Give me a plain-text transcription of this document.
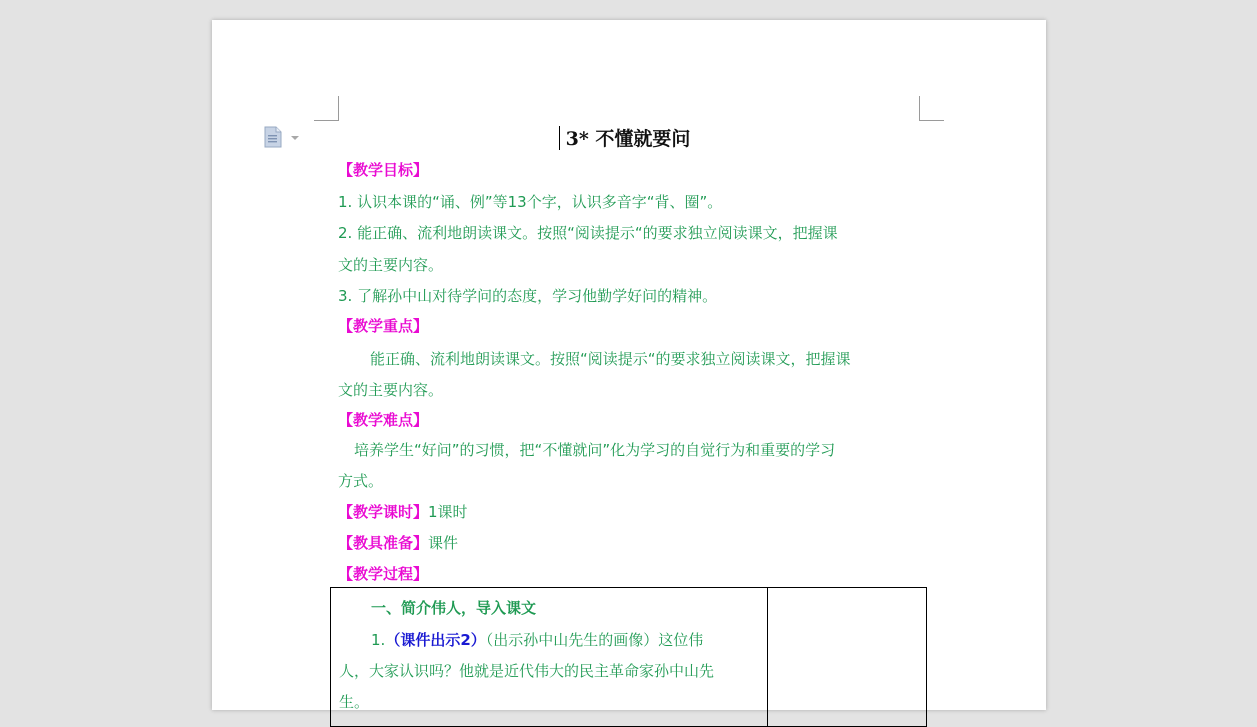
3* 不懂就要问
【教学目标】
1. 认识本课的“诵、例”等13个字，认识多音字“背、圈”。
2. 能正确、流利地朗读课文。按照“阅读提示“的要求独立阅读课文，把握课
文的主要内容。
3. 了解孙中山对待学问的态度，学习他勤学好问的精神。
【教学重点】
能正确、流利地朗读课文。按照“阅读提示“的要求独立阅读课文，把握课
文的主要内容。
【教学难点】
培养学生“好问”的习惯，把“不懂就问”化为学习的自觉行为和重要的学习
方式。
【教学课时】1课时
【教具准备】课件
【教学过程】
一、简介伟人，导入课文
1.（课件出示2）（出示孙中山先生的画像）这位伟
人，大家认识吗？他就是近代伟大的民主革命家孙中山先
生。
